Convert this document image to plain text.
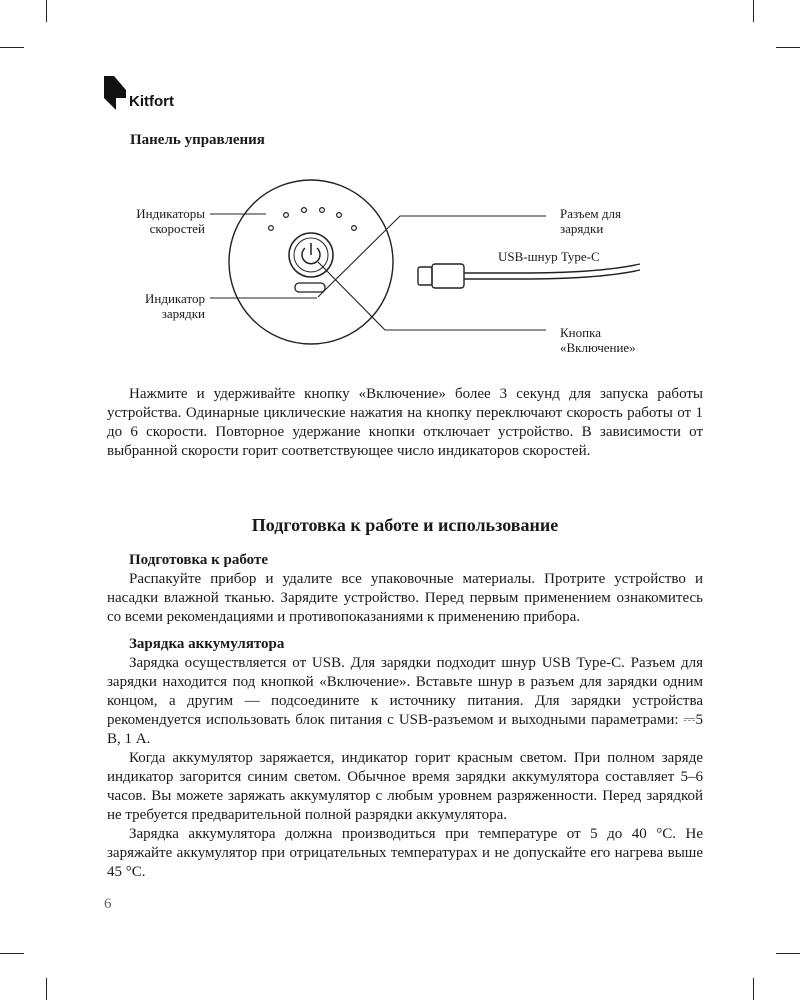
Kitfort
Панель управления
Индикаторы
скоростей
Индикатор
зарядки
Разъем для
зарядки
USB-шнур Type-C
Кнопка
«Включение»

Нажмите и удерживайте кнопку «Включение» более 3 секунд для запуска работы устройства. Одинарные циклические нажатия на кнопку переключают скорость работы от 1 до 6 скорости. Повторное удержание кнопки отключает устройство. В зависимости от выбранной скорости горит соответствующее число индикаторов скоростей.

Подготовка к работе и использование
Подготовка к работе

Распакуйте прибор и удалите все упаковочные материалы. Протрите устройство и насадки влажной тканью. Зарядите устройство. Перед первым применением ознакомитесь со всеми рекомендациями и противопоказаниями к применению прибора.

Зарядка аккумулятора

Зарядка осуществляется от USB. Для зарядки подходит шнур USB Type-C. Разъем для зарядки находится под кнопкой «Включение». Вставьте шнур в разъем для зарядки одним концом, а другим — подсоедините к источнику питания. Для зарядки устройства рекомендуется использовать блок питания с USB-разъемом и выходными параметрами: ⎓5 В, 1 А.

Когда аккумулятор заряжается, индикатор горит красным светом. При полном заряде индикатор загорится синим светом. Обычное время зарядки аккумулятора составляет 5–6 часов. Вы можете заряжать аккумулятор с любым уровнем разряженности. Перед зарядкой не требуется предварительной полной разрядки аккумулятора.

Зарядка аккумулятора должна производиться при температуре от 5 до 40 °С. Не заряжайте аккумулятор при отрицательных температурах и не допускайте его нагрева выше 45 °С.

6
